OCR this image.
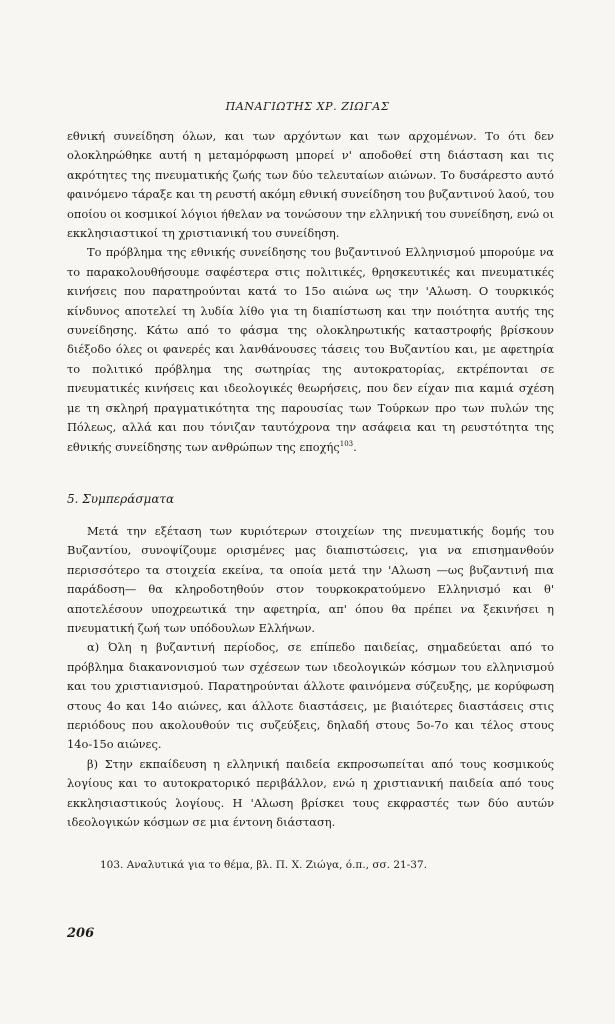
ΠΑΝΑΓΙΩΤΗΣ ΧΡ. ΖΙΩΓΑΣ

εθνική συνείδηση όλων, και των αρχόντων και των αρχομένων. Το ότι δεν ολοκληρώθηκε αυτή η μεταμόρφωση μπορεί ν' αποδοθεί στη διάσταση και τις ακρότητες της πνευματικής ζωής των δύο τελευταίων αιώνων. Το δυσάρεστο αυτό φαινόμενο τάραξε και τη ρευστή ακόμη εθνική συνείδηση του βυζαντινού λαού, του οποίου οι κοσμικοί λόγιοι ήθελαν να τονώσουν την ελληνική του συνείδηση, ενώ οι εκκλησιαστικοί τη χριστιανική του συνείδηση.

Το πρόβλημα της εθνικής συνείδησης του βυζαντινού Ελληνισμού μπορούμε να το παρακολουθήσουμε σαφέστερα στις πολιτικές, θρησκευτικές και πνευματικές κινήσεις που παρατηρούνται κατά το 15ο αιώνα ως την 'Αλωση. Ο τουρκικός κίνδυνος αποτελεί τη λυδία λίθο για τη διαπίστωση και την ποιότητα αυτής της συνείδησης. Κάτω από το φάσμα της ολοκληρωτικής καταστροφής βρίσκουν διέξοδο όλες οι φανερές και λανθάνουσες τάσεις του Βυζαντίου και, με αφετηρία το πολιτικό πρόβλημα της σωτηρίας της αυτοκρατορίας, εκτρέπονται σε πνευματικές κινήσεις και ιδεολογικές θεωρήσεις, που δεν είχαν πια καμιά σχέση με τη σκληρή πραγματικότητα της παρουσίας των Τούρκων προ των πυλών της Πόλεως, αλλά και που τόνιζαν ταυτόχρονα την ασάφεια και τη ρευστότητα της εθνικής συνείδησης των ανθρώπων της εποχής$^{103}$.

5. Συμπεράσματα

Μετά την εξέταση των κυριότερων στοιχείων της πνευματικής δομής του Βυζαντίου, συνοψίζουμε ορισμένες μας διαπιστώσεις, για να επισημανθούν περισσότερο τα στοιχεία εκείνα, τα οποία μετά την 'Αλωση —ως βυζαντινή πια παράδοση— θα κληροδοτηθούν στον τουρκοκρατούμενο Ελληνισμό και θ' αποτελέσουν υποχρεωτικά την αφετηρία, απ' όπου θα πρέπει να ξεκινήσει η πνευματική ζωή των υπόδουλων Ελλήνων.

α) Όλη η βυζαντινή περίοδος, σε επίπεδο παιδείας, σημαδεύεται από το πρόβλημα διακανονισμού των σχέσεων των ιδεολογικών κόσμων του ελληνισμού και του χριστιανισμού. Παρατηρούνται άλλοτε φαινόμενα σύζευξης, με κορύφωση στους 4ο και 14ο αιώνες, και άλλοτε διαστάσεις, με βιαιότερες διαστάσεις στις περιόδους που ακολουθούν τις συζεύξεις, δηλαδή στους 5ο-7ο και τέλος στους 14ο-15ο αιώνες.

β) Στην εκπαίδευση η ελληνική παιδεία εκπροσωπείται από τους κοσμικούς λογίους και το αυτοκρατορικό περιβάλλον, ενώ η χριστιανική παιδεία από τους εκκλησιαστικούς λογίους. Η 'Αλωση βρίσκει τους εκφραστές των δύο αυτών ιδεολογικών κόσμων σε μια έντονη διάσταση.

103. Αναλυτικά για το θέμα, βλ. Π. Χ. Ζιώγα, ό.π., σσ. 21-37.
206
